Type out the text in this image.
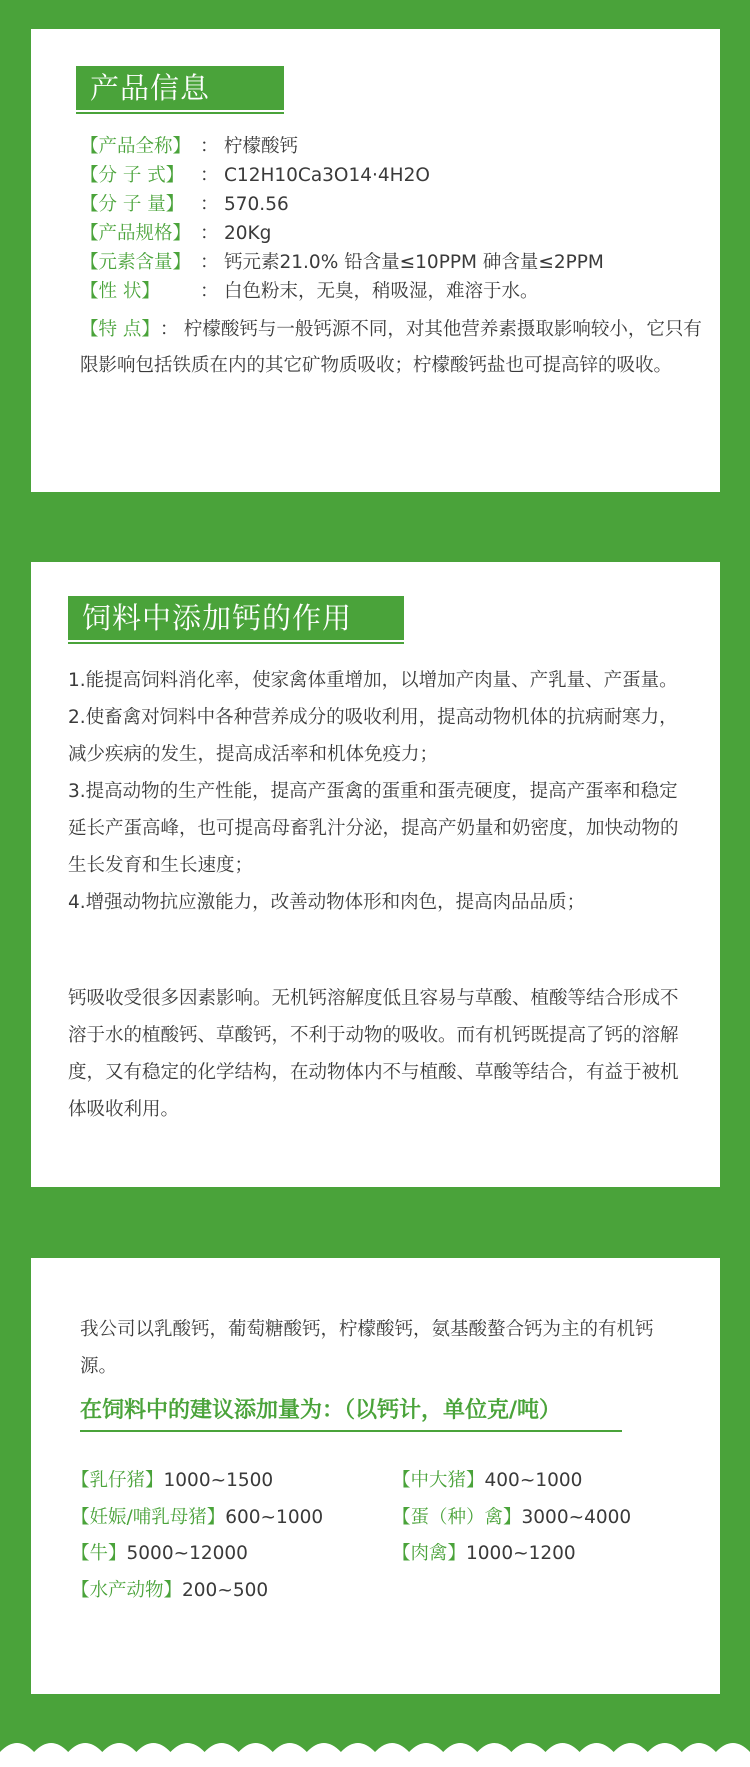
产品信息
【产品全称】 ： 柠檬酸钙
【分 子 式】 ： C12H10Ca3O14·4H2O
【分 子 量】 ： 570.56
【产品规格】 ： 20Kg
【元素含量】 ： 钙元素21.0% 铅含量≤10PPM 砷含量≤2PPM
【性 状】 ： 白色粉末，无臭，稍吸湿，难溶于水。
【特 点】： 柠檬酸钙与一般钙源不同，对其他营养素摄取影响较小，它只有限影响包括铁质在内的其它矿物质吸收；柠檬酸钙盐也可提高锌的吸收。
饲料中添加钙的作用

1.能提高饲料消化率，使家禽体重增加，以增加产肉量、产乳量、产蛋量。

2.使畜禽对饲料中各种营养成分的吸收利用，提高动物机体的抗病耐寒力，减少疾病的发生，提高成活率和机体免疫力；

3.提高动物的生产性能，提高产蛋禽的蛋重和蛋壳硬度，提高产蛋率和稳定延长产蛋高峰，也可提高母畜乳汁分泌，提高产奶量和奶密度，加快动物的生长发育和生长速度；

4.增强动物抗应激能力，改善动物体形和肉色，提高肉品品质；

钙吸收受很多因素影响。无机钙溶解度低且容易与草酸、植酸等结合形成不溶于水的植酸钙、草酸钙，不利于动物的吸收。而有机钙既提高了钙的溶解度，又有稳定的化学结构，在动物体内不与植酸、草酸等结合，有益于被机体吸收利用。
我公司以乳酸钙，葡萄糖酸钙，柠檬酸钙，氨基酸螯合钙为主的有机钙源。
在饲料中的建议添加量为：（以钙计，单位克/吨）
【乳仔猪】1000~1500	【中大猪】400~1000
【妊娠/哺乳母猪】600~1000	【蛋（种）禽】3000~4000
【牛】5000~12000	【肉禽】1000~1200
【水产动物】200~500
